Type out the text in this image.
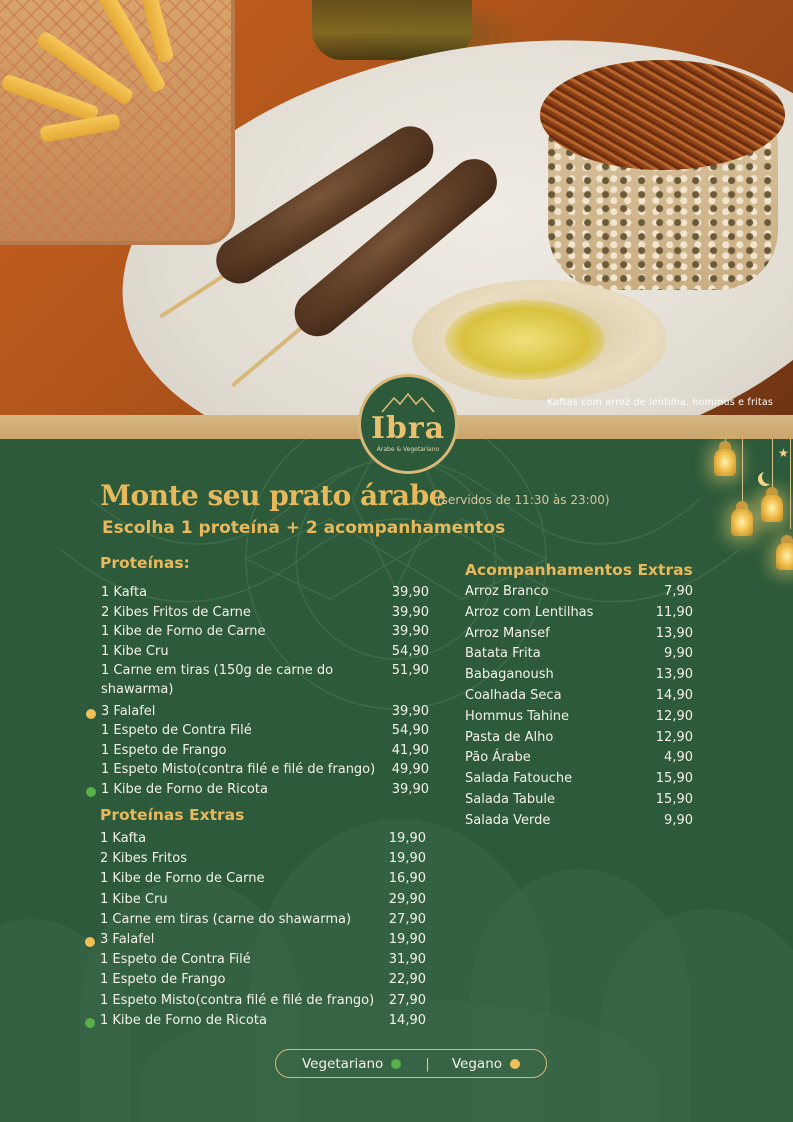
Kaftas com arroz de lentilha, hommus e fritas
★
Ibra
Árabe & Vegetariano
Monte seu prato árabe
(servidos de 11:30 às 23:00)
Escolha 1 proteína + 2 acompanhamentos
Proteínas:
Proteínas Extras
Acompanhamentos Extras
1 Kafta	39,90
2 Kibes Fritos de Carne	39,90
1 Kibe de Forno de Carne	39,90
1 Kibe Cru	54,90
1 Carne em tiras (150g de carne do
shawarma)
51,90
3 Falafel	39,90
1 Espeto de Contra Filé	54,90
1 Espeto de Frango	41,90
1 Espeto Misto(contra filé e filé de frango) 49,90
1 Kibe de Forno de Ricota	39,90
1 Kafta	19,90
2 Kibes Fritos	19,90
1 Kibe de Forno de Carne	16,90
1 Kibe Cru	29,90
1 Carne em tiras (carne do shawarma)	27,90
3 Falafel	19,90
1 Espeto de Contra Filé	31,90
1 Espeto de Frango	22,90
1 Espeto Misto(contra filé e filé de frango) 27,90
1 Kibe de Forno de Ricota	14,90
Arroz Branco	7,90
Arroz com Lentilhas	11,90
Arroz Mansef	13,90
Batata Frita	9,90
Babaganoush	13,90
Coalhada Seca	14,90
Hommus Tahine	12,90
Pasta de Alho	12,90
Pão Árabe	4,90
Salada Fatouche	15,90
Salada Tabule	15,90
Salada Verde	9,90
Vegetariano	| Vegano
